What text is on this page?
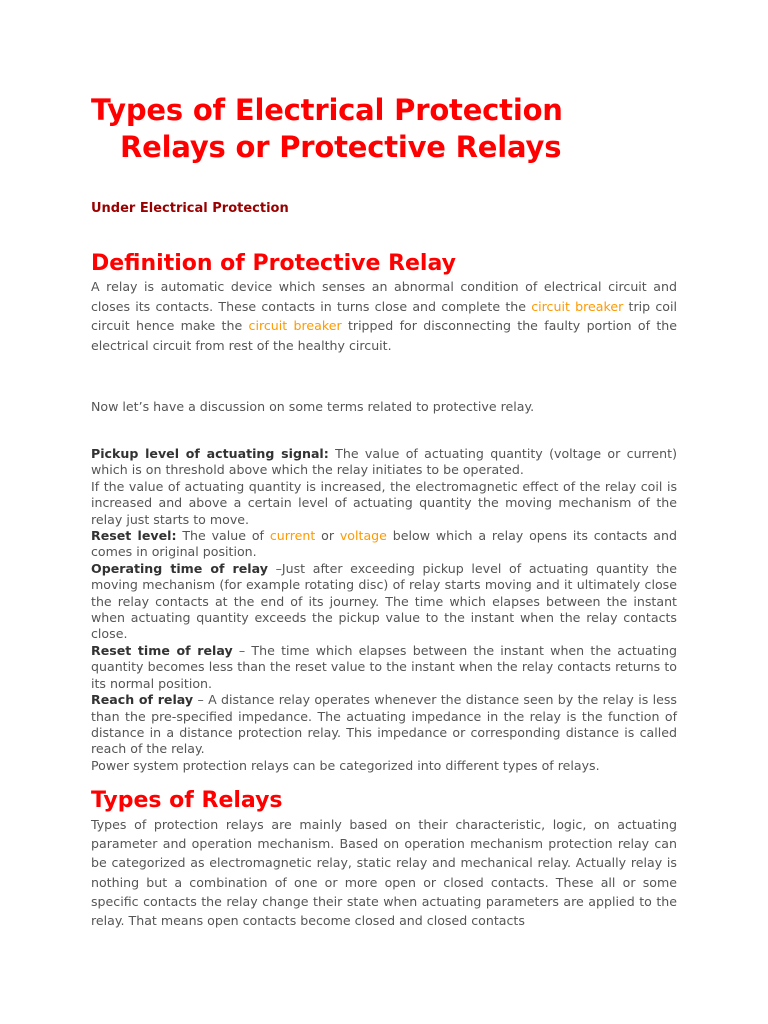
Types of Electrical Protection
Relays or Protective Relays
Under Electrical Protection
Definition of Protective Relay

A relay is automatic device which senses an abnormal condition of electrical circuit and closes its contacts. These contacts in turns close and complete the circuit breaker trip coil circuit hence make the circuit breaker tripped for disconnecting the faulty portion of the electrical circuit from rest of the healthy circuit.

Now let’s have a discussion on some terms related to protective relay.

Pickup level of actuating signal: The value of actuating quantity (voltage or current) which is on threshold above which the relay initiates to be operated.
If the value of actuating quantity is increased, the electromagnetic effect of the relay coil is increased and above a certain level of actuating quantity the moving mechanism of the relay just starts to move.
Reset level: The value of current or voltage below which a relay opens its contacts and comes in original position.
Operating time of relay –Just after exceeding pickup level of actuating quantity the moving mechanism (for example rotating disc) of relay starts moving and it ultimately close the relay contacts at the end of its journey. The time which elapses between the instant when actuating quantity exceeds the pickup value to the instant when the relay contacts close.
Reset time of relay – The time which elapses between the instant when the actuating quantity becomes less than the reset value to the instant when the relay contacts returns to its normal position.
Reach of relay – A distance relay operates whenever the distance seen by the relay is less than the pre-specified impedance. The actuating impedance in the relay is the function of distance in a distance protection relay. This impedance or corresponding distance is called reach of the relay.
Power system protection relays can be categorized into different types of relays.
Types of Relays

Types of protection relays are mainly based on their characteristic, logic, on actuating parameter and operation mechanism. Based on operation mechanism protection relay can be categorized as electromagnetic relay, static relay and mechanical relay. Actually relay is nothing but a combination of one or more open or closed contacts. These all or some specific contacts the relay change their state when actuating parameters are applied to the relay. That means open contacts become closed and closed contacts
